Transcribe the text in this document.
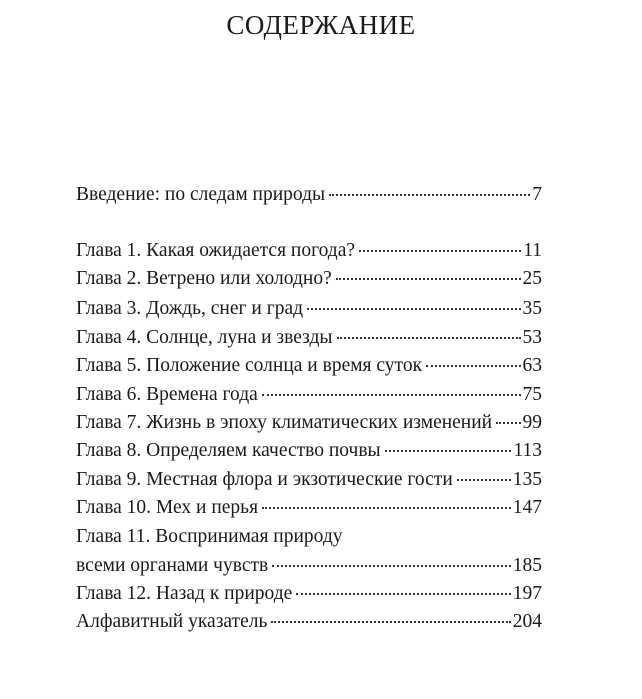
СОДЕРЖАНИЕ
Введение: по следам природы	7
Глава 1. Какая ожидается погода?	11
Глава 2. Ветрено или холодно?	25
Глава 3. Дождь, снег и град	35
Глава 4. Солнце, луна и звезды	53
Глава 5. Положение солнца и время суток	63
Глава 6. Времена года	75
Глава 7. Жизнь в эпоху климатических изменений 99
Глава 8. Определяем качество почвы	113
Глава 9. Местная флора и экзотические гости	135
Глава 10. Мех и перья	147
Глава 11. Воспринимая природу
всеми органами чувств	185
Глава 12. Назад к природе	197
Алфавитный указатель	204
